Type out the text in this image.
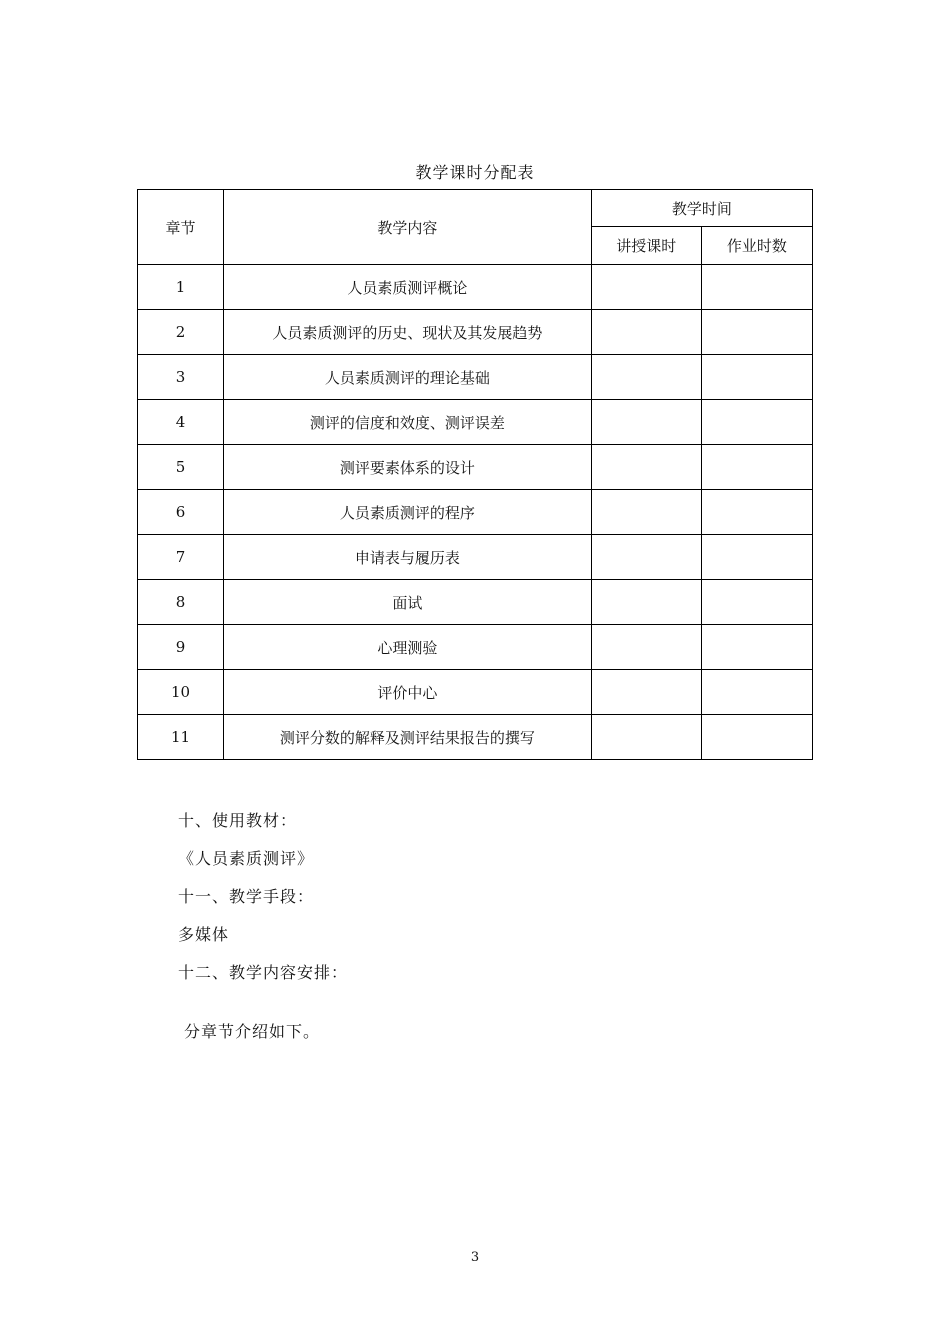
教学课时分配表
章节	教学内容	教学时间	
		讲授课时	作业时数
1	人员素质测评概论		
2	人员素质测评的历史、现状及其发展趋势		
3	人员素质测评的理论基础		
4	测评的信度和效度、测评误差		
5	测评要素体系的设计		
6	人员素质测评的程序		
7	申请表与履历表		
8	面试		
9	心理测验		
10	评价中心		
11	测评分数的解释及测评结果报告的撰写		
十、使用教材：
《人员素质测评》
十一、教学手段：
多媒体
十二、教学内容安排：
分章节介绍如下。
3
